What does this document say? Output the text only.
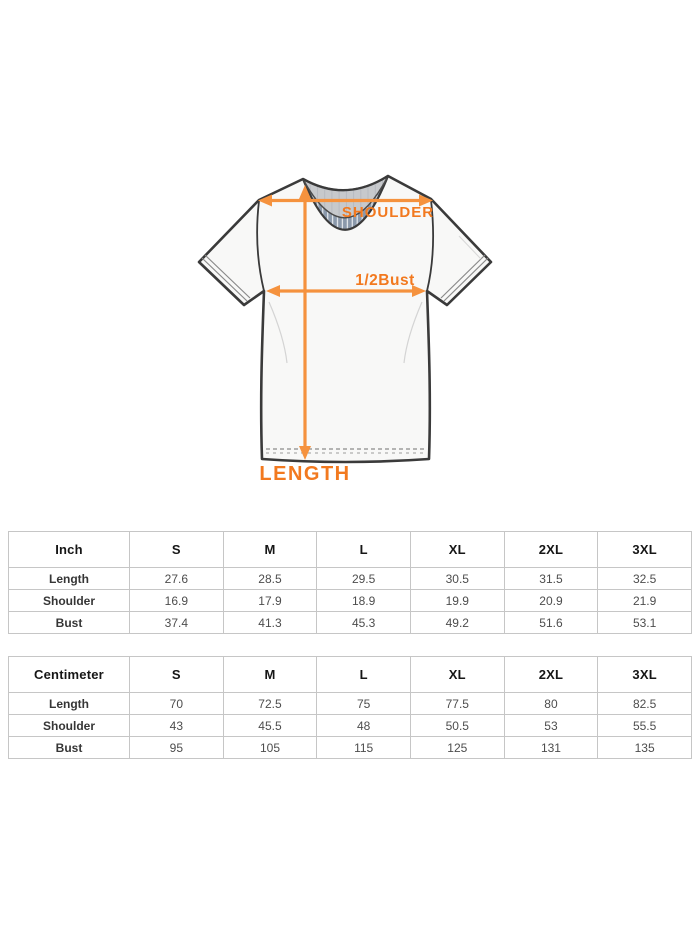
SHOULDER
1/2Bust
LENGTH
Inch	S	M	L	XL	2XL	3XL
Length	27.6	28.5	29.5	30.5	31.5	32.5
Shoulder	16.9	17.9	18.9	19.9	20.9	21.9
Bust	37.4	41.3	45.3	49.2	51.6	53.1
Centimeter	S	M	L	XL	2XL	3XL
Length	70	72.5	75	77.5	80	82.5
Shoulder	43	45.5	48	50.5	53	55.5
Bust	95	105	115	125	131	135
